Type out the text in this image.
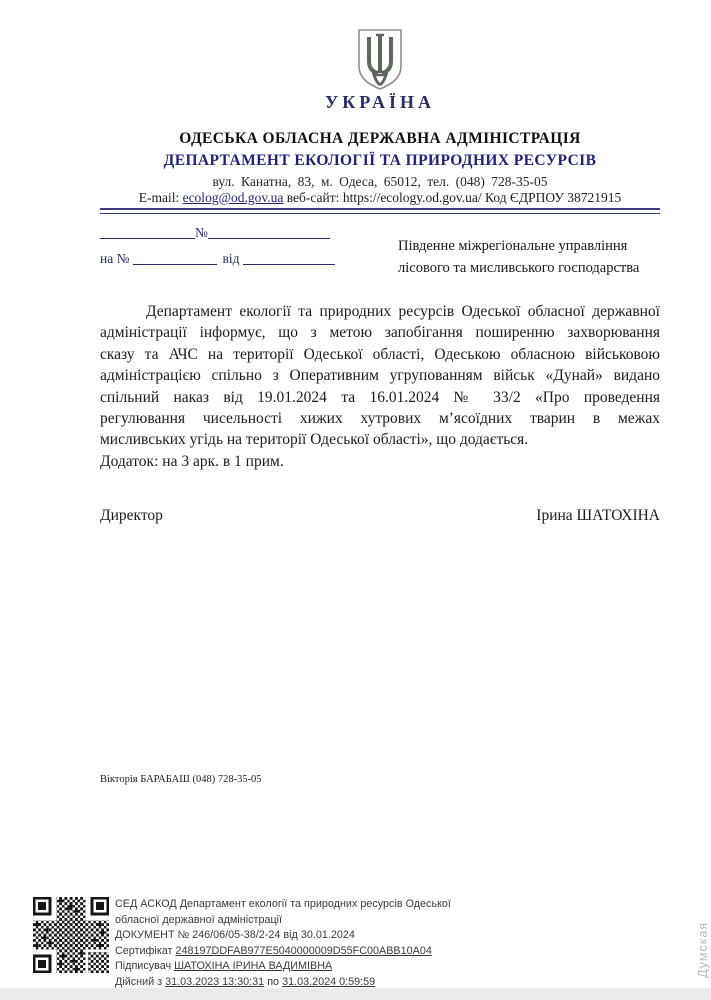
УКРАЇНА
ОДЕСЬКА ОБЛАСНА ДЕРЖАВНА АДМІНІСТРАЦІЯ
ДЕПАРТАМЕНТ ЕКОЛОГІЇ ТА ПРИРОДНИХ РЕСУРСІВ
вул. Канатна, 83, м. Одеса, 65012, тел. (048) 728-35-05
E-mail: ecolog@od.gov.ua веб-сайт: https://ecology.od.gov.ua/ Код ЄДРПОУ 38721915
№
на №	від
Південне міжрегіональне управління
лісового та мисливського господарства
Департамент екології та природних ресурсів Одеської обласної державної
адміністрації інформує, що з метою запобігання поширенню захворювання
сказу та АЧС на території Одеської області, Одеською обласною військовою
адміністрацією спільно з Оперативним угрупованням військ «Дунай» видано
спільний наказ від 19.01.2024 та 16.01.2024 № 33/2 «Про проведення
регулювання чисельності хижих хутрових м’ясоїдних тварин в межах
мисливських угідь на території Одеської області», що додається.
Додаток: на 3 арк. в 1 прим.
Директор	Ірина ШАТОХІНА
Вікторія БАРАБАШ (048) 728-35-05
СЕД АСКОД Департамент екології та природних ресурсів Одеської обласної державної адміністрації
ДОКУМЕНТ № 246/06/05-38/2-24 від 30.01.2024
Сертифікат 248197DDFAB977E5040000009D55FC00ABB10A04
Підписувач ШАТОХІНА ІРИНА ВАДИМІВНА
Дійсний з 31.03.2023 13:30:31 по 31.03.2024 0:59:59
Думская
